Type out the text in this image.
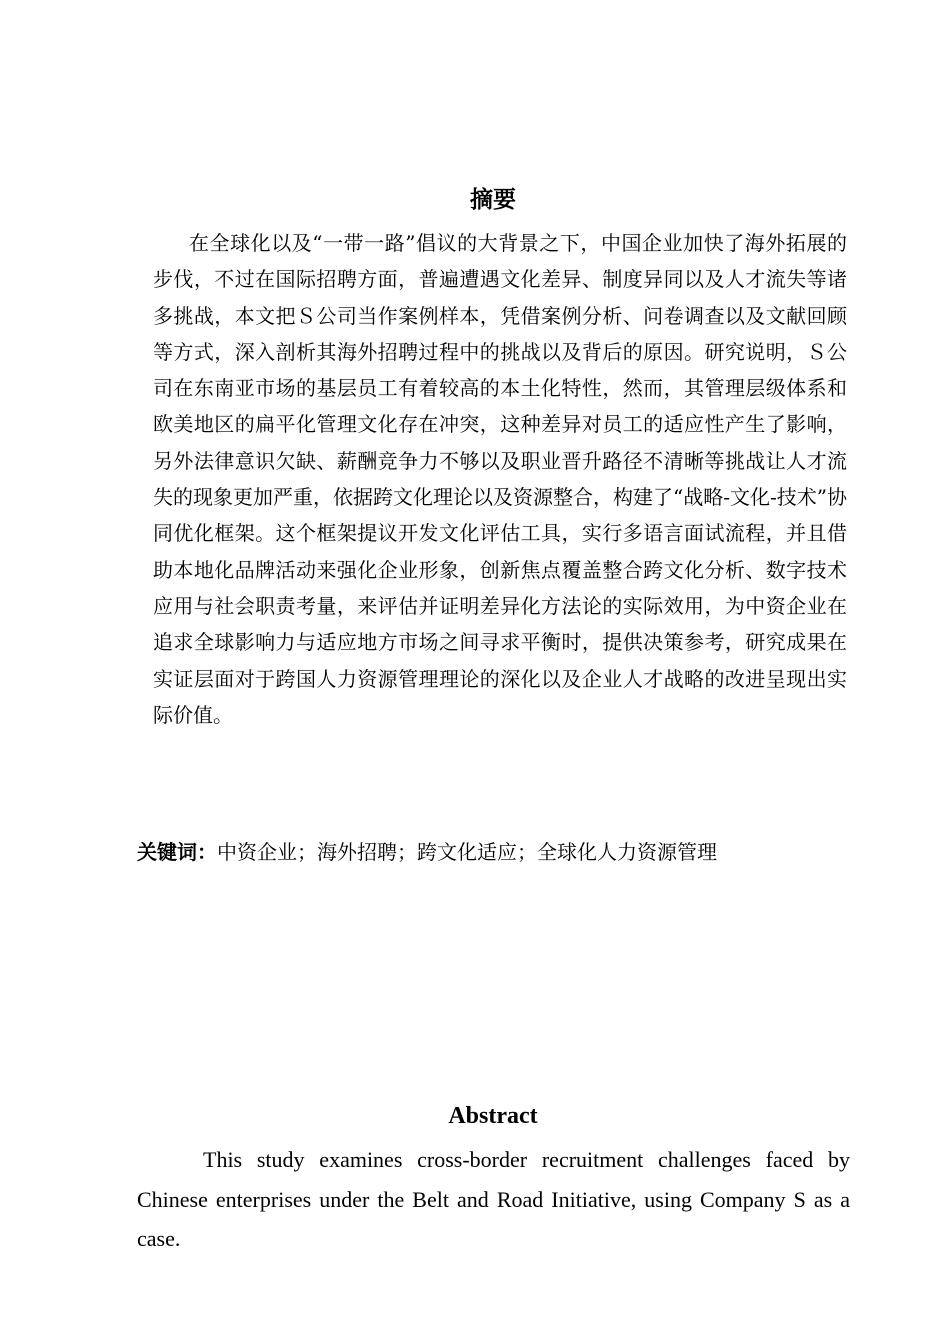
摘要

在全球化以及“一带一路”倡议的大背景之下，中国企业加快了海外拓展的步伐，不过在国际招聘方面，普遍遭遇文化差异、制度异同以及人才流失等诸多挑战，本文把Ｓ公司当作案例样本，凭借案例分析、问卷调查以及文献回顾等方式，深入剖析其海外招聘过程中的挑战以及背后的原因。研究说明，Ｓ公司在东南亚市场的基层员工有着较高的本土化特性，然而，其管理层级体系和欧美地区的扁平化管理文化存在冲突，这种差异对员工的适应性产生了影响，另外法律意识欠缺、薪酬竞争力不够以及职业晋升路径不清晰等挑战让人才流失的现象更加严重，依据跨文化理论以及资源整合，构建了“战略-文化-技术”协同优化框架。这个框架提议开发文化评估工具，实行多语言面试流程，并且借助本地化品牌活动来强化企业形象，创新焦点覆盖整合跨文化分析、数字技术应用与社会职责考量，来评估并证明差异化方法论的实际效用，为中资企业在追求全球影响力与适应地方市场之间寻求平衡时，提供决策参考，研究成果在实证层面对于跨国人力资源管理理论的深化以及企业人才战略的改进呈现出实际价值。

关键词：中资企业；海外招聘；跨文化适应；全球化人力资源管理
Abstract

This study examines cross-border recruitment challenges faced by Chinese enterprises under the Belt and Road Initiative, using Company S as a case.
